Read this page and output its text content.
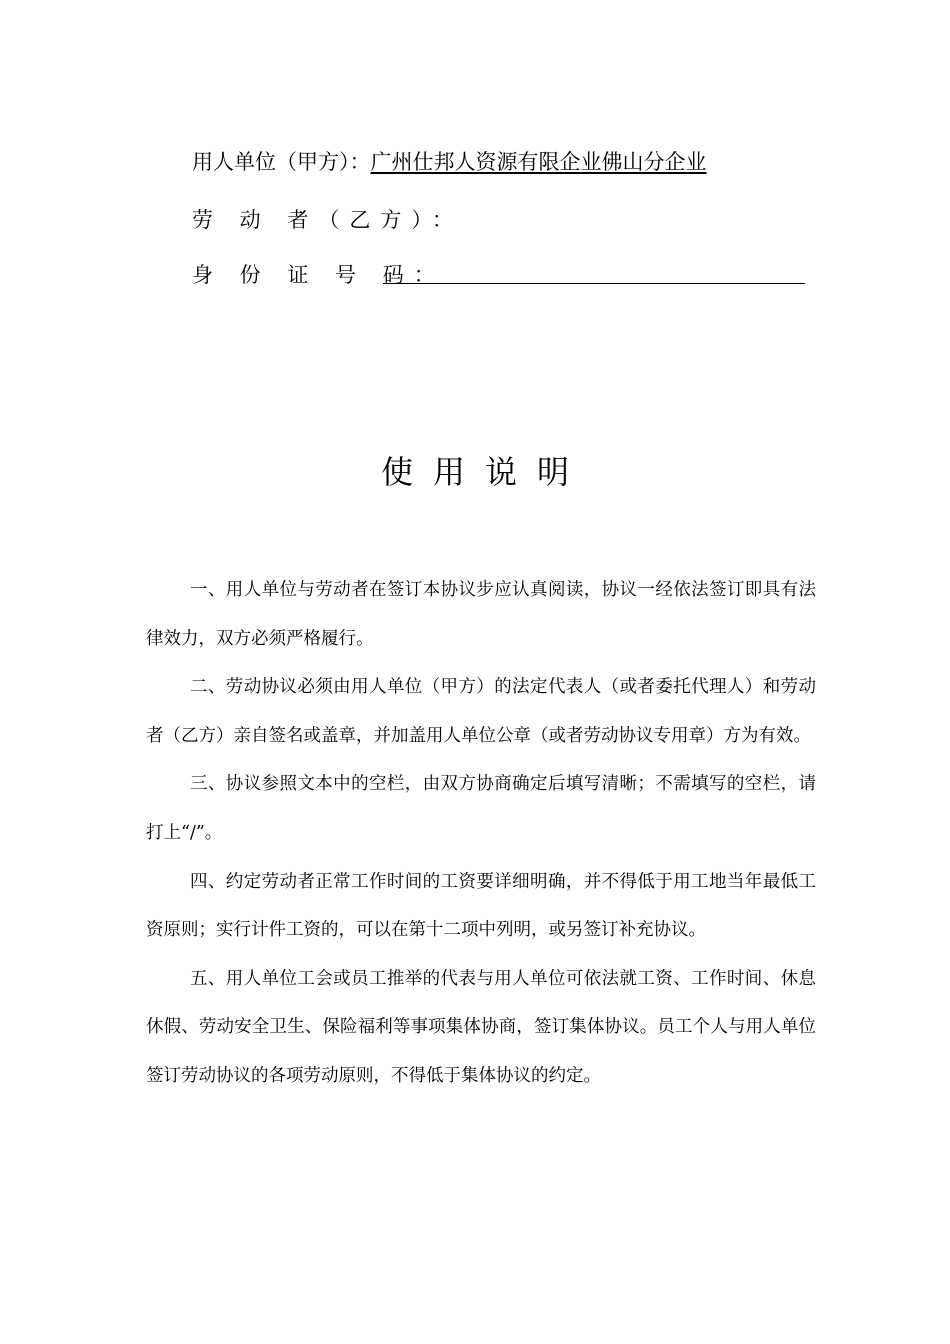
用人单位（甲方）：广州仕邦人资源有限企业佛山分企业
劳 动 者（乙方）：
身 份 证 号 码：
使用说明

一、用人单位与劳动者在签订本协议步应认真阅读，协议一经依法签订即具有法律效力，双方必须严格履行。

二、劳动协议必须由用人单位（甲方）的法定代表人（或者委托代理人）和劳动者（乙方）亲自签名或盖章，并加盖用人单位公章（或者劳动协议专用章）方为有效。

三、协议参照文本中的空栏，由双方协商确定后填写清晰；不需填写的空栏，请打上“/”。

四、约定劳动者正常工作时间的工资要详细明确，并不得低于用工地当年最低工资原则；实行计件工资的，可以在第十二项中列明，或另签订补充协议。

五、用人单位工会或员工推举的代表与用人单位可依法就工资、工作时间、休息休假、劳动安全卫生、保险福利等事项集体协商，签订集体协议。员工个人与用人单位签订劳动协议的各项劳动原则，不得低于集体协议的约定。
